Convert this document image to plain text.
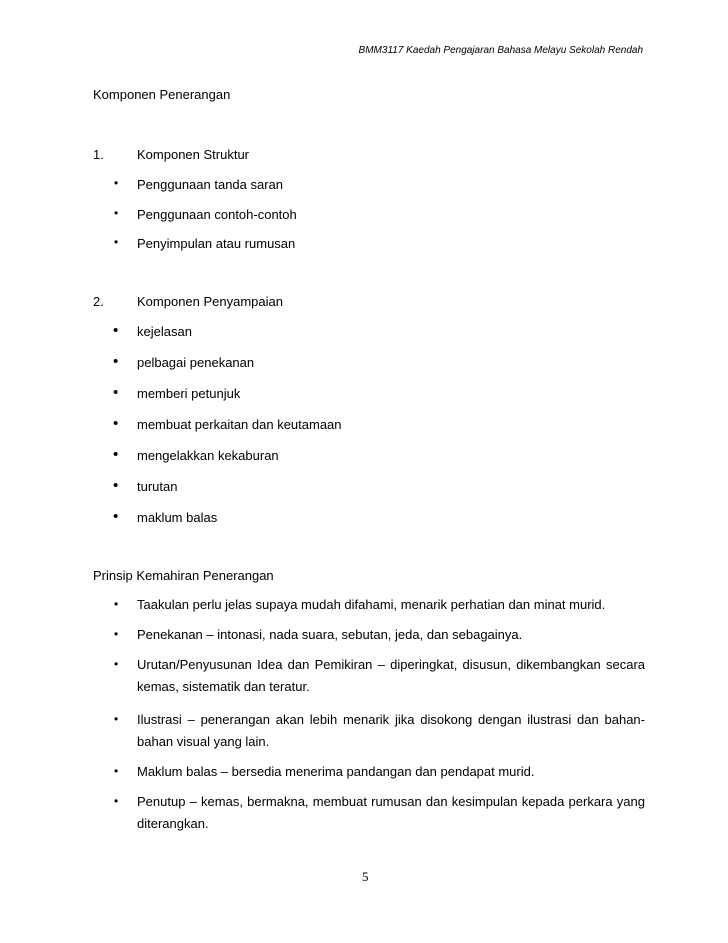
BMM3117 Kaedah Pengajaran Bahasa Melayu Sekolah Rendah
Komponen Penerangan
1.	Komponen Struktur
• Penggunaan tanda saran
• Penggunaan contoh-contoh
• Penyimpulan atau rumusan
2.	Komponen Penyampaian
• kejelasan
• pelbagai penekanan
• memberi petunjuk
• membuat perkaitan dan keutamaan
• mengelakkan kekaburan
• turutan
• maklum balas
Prinsip Kemahiran Penerangan
• Taakulan perlu jelas supaya mudah difahami, menarik perhatian dan minat murid.
• Penekanan – intonasi, nada suara, sebutan, jeda, dan sebagainya.
• Urutan/Penyusunan Idea dan Pemikiran – diperingkat, disusun, dikembangkan secara kemas, sistematik dan teratur.
• Ilustrasi – penerangan akan lebih menarik jika disokong dengan ilustrasi dan bahan-bahan visual yang lain.
• Maklum balas – bersedia menerima pandangan dan pendapat murid.
• Penutup – kemas, bermakna, membuat rumusan dan kesimpulan kepada perkara yang diterangkan.
5
